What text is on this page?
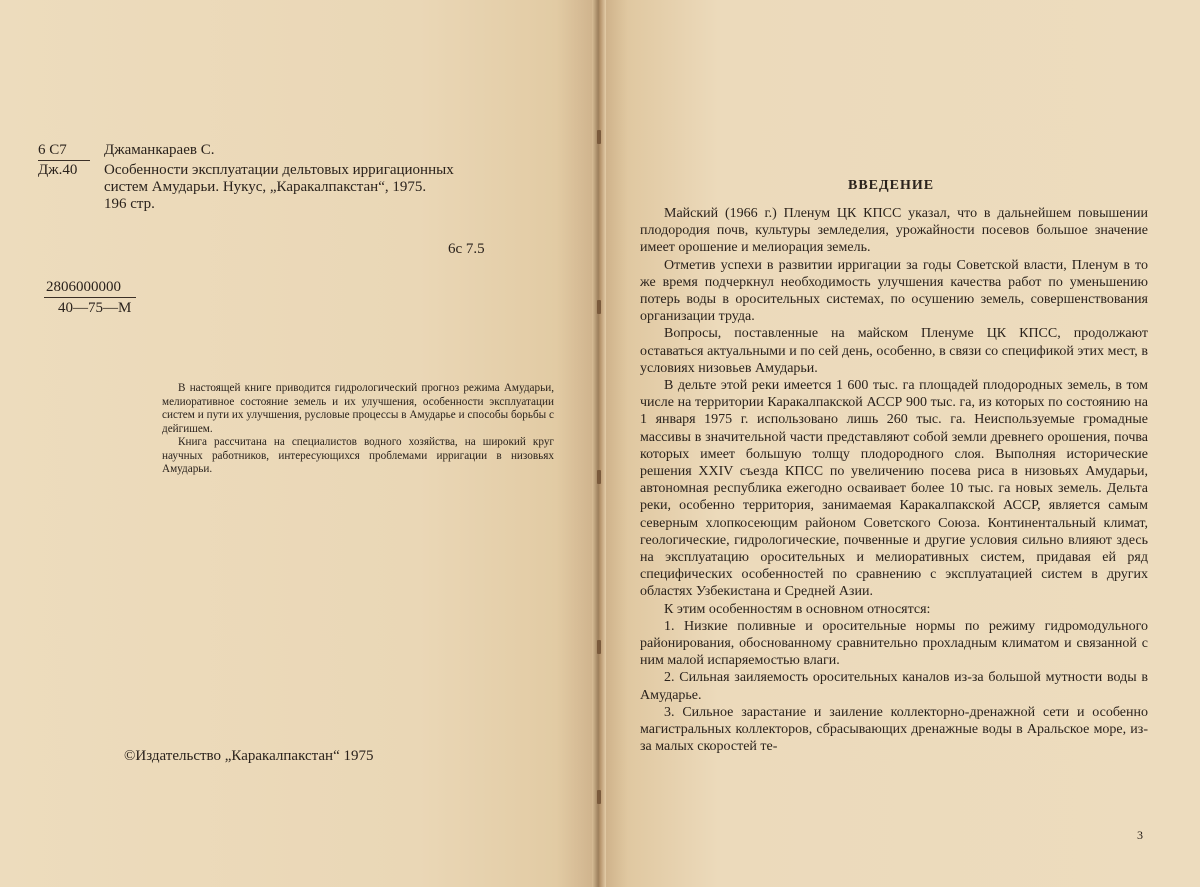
6 С7
Дж.40
Джаманкараев С.
Особенности эксплуатации дельтовых ирригационных
систем Амударьи. Нукус, „Каракалпакстан“, 1975.
196 стр.
6с 7.5
2806000000
40—75—М

В настоящей книге приводится гидрологический прогноз режима Амударьи, мелиоративное состояние земель и их улучшения, особенности эксплуатации систем и пути их улучшения, русловые процессы в Амударье и способы борьбы с дейгишем.

Книга рассчитана на специалистов водного хозяйства, на широкий круг научных работников, интересующихся проблемами ирригации в низовьях Амударьи.

©Издательство „Каракалпакстан“ 1975
ВВЕДЕНИЕ

Майский (1966 г.) Пленум ЦК КПСС указал, что в дальнейшем повышении плодородия почв, культуры земледелия, урожайности посевов большое значение имеет орошение и мелиорация земель.

Отметив успехи в развитии ирригации за годы Советской власти, Пленум в то же время подчеркнул необходимость улучшения качества работ по уменьшению потерь воды в оросительных системах, по осушению земель, совершенствования организации труда.

Вопросы, поставленные на майском Пленуме ЦК КПСС, продолжают оставаться актуальными и по сей день, особенно, в связи со спецификой этих мест, в условиях низовьев Амударьи.

В дельте этой реки имеется 1 600 тыс. га площадей плодородных земель, в том числе на территории Каракалпакской АССР 900 тыс. га, из которых по состоянию на 1 января 1975 г. использовано лишь 260 тыс. га. Неиспользуемые громадные массивы в значительной части представляют собой земли древнего орошения, почва которых имеет большую толщу плодородного слоя. Выполняя исторические решения XXIV съезда КПСС по увеличению посева риса в низовьях Амударьи, автономная республика ежегодно осваивает более 10 тыс. га новых земель. Дельта реки, особенно территория, занимаемая Каракалпакской АССР, является самым северным хлопкосеющим районом Советского Союза. Континентальный климат, геологические, гидрологические, почвенные и другие условия сильно влияют здесь на эксплуатацию оросительных и мелиоративных систем, придавая ей ряд специфических особенностей по сравнению с эксплуатацией систем в других областях Узбекистана и Средней Азии.

К этим особенностям в основном относятся:

1. Низкие поливные и оросительные нормы по режиму гидромодульного районирования, обоснованному сравнительно прохладным климатом и связанной с ним малой испаряемостью влаги.

2. Сильная заиляемость оросительных каналов из-за большой мутности воды в Амударье.

3. Сильное зарастание и заиление коллекторно-дренажной сети и особенно магистральных коллекторов, сбрасывающих дренажные воды в Аральское море, из-за малых скоростей те-

3
